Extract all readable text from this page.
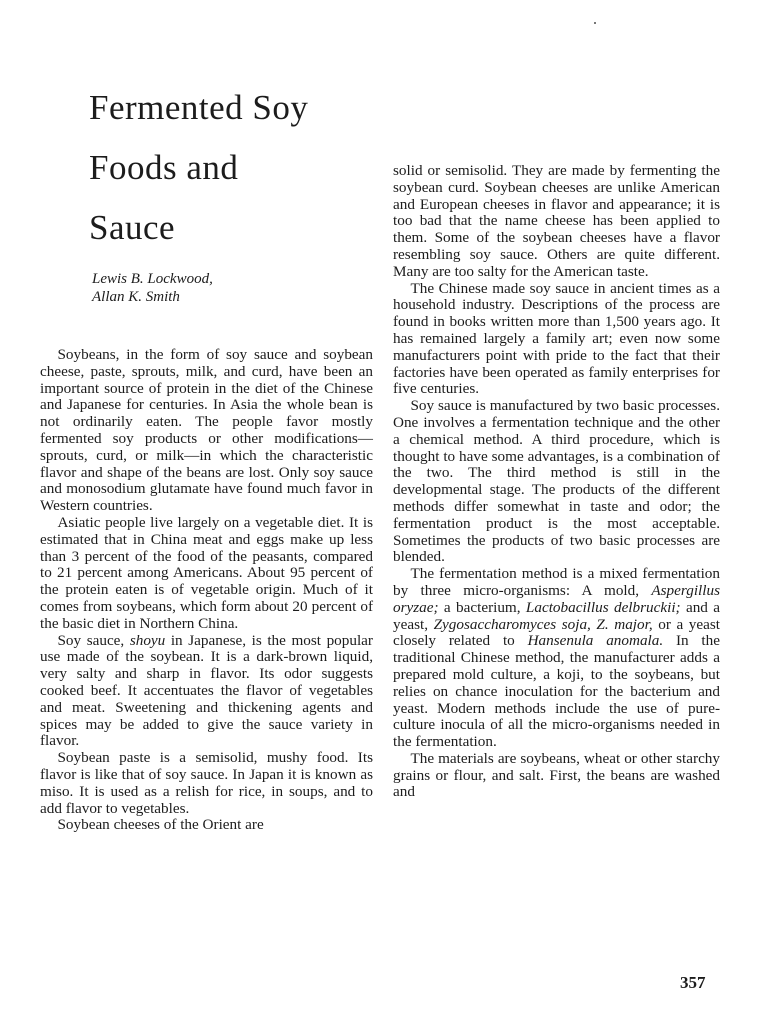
Fermented Soy
Foods and
Sauce
Lewis B. Lockwood,
Allan K. Smith

Soybeans, in the form of soy sauce and soybean cheese, paste, sprouts, milk, and curd, have been an important source of protein in the diet of the Chinese and Japanese for centuries. In Asia the whole bean is not ordinarily eaten. The people favor mostly fermented soy products or other modifications—sprouts, curd, or milk—in which the characteristic flavor and shape of the beans are lost. Only soy sauce and monosodium glutamate have found much favor in Western countries.

Asiatic people live largely on a vegetable diet. It is estimated that in China meat and eggs make up less than 3 percent of the food of the peasants, compared to 21 percent among Americans. About 95 percent of the protein eaten is of vegetable origin. Much of it comes from soybeans, which form about 20 percent of the basic diet in Northern China.

Soy sauce, shoyu in Japanese, is the most popular use made of the soybean. It is a dark-brown liquid, very salty and sharp in flavor. Its odor suggests cooked beef. It accentuates the flavor of vegetables and meat. Sweetening and thickening agents and spices may be added to give the sauce variety in flavor.

Soybean paste is a semisolid, mushy food. Its flavor is like that of soy sauce. In Japan it is known as miso. It is used as a relish for rice, in soups, and to add flavor to vegetables.

Soybean cheeses of the Orient are

solid or semisolid. They are made by fermenting the soybean curd. Soybean cheeses are unlike American and European cheeses in flavor and appearance; it is too bad that the name cheese has been applied to them. Some of the soybean cheeses have a flavor resembling soy sauce. Others are quite different. Many are too salty for the American taste.

The Chinese made soy sauce in ancient times as a household industry. Descriptions of the process are found in books written more than 1,500 years ago. It has remained largely a family art; even now some manufacturers point with pride to the fact that their factories have been operated as family enterprises for five centuries.

Soy sauce is manufactured by two basic processes. One involves a fermentation technique and the other a chemical method. A third procedure, which is thought to have some advantages, is a combination of the two. The third method is still in the developmental stage. The products of the different methods differ somewhat in taste and odor; the fermentation product is the most acceptable. Sometimes the products of two basic processes are blended.

The fermentation method is a mixed fermentation by three micro-organisms: A mold, Aspergillus oryzae; a bacterium, Lactobacillus delbruckii; and a yeast, Zygosaccharomyces soja, Z. major, or a yeast closely related to Hansenula anomala. In the traditional Chinese method, the manufacturer adds a prepared mold culture, a koji, to the soybeans, but relies on chance inoculation for the bacterium and yeast. Modern methods include the use of pure-culture inocula of all the micro-organisms needed in the fermentation.

The materials are soybeans, wheat or other starchy grains or flour, and salt. First, the beans are washed and

357
